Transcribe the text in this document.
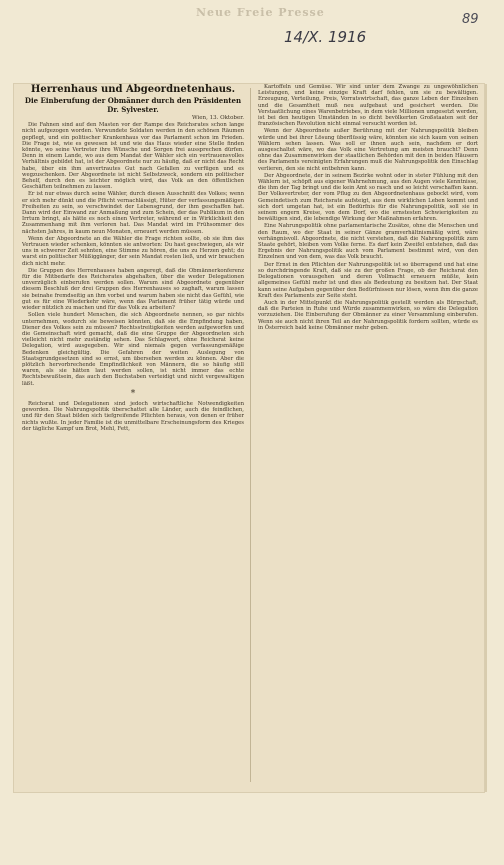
Neue Freie Presse
14/X. 1916
89

Herrenhaus und Abgeordnetenhaus.

Die Einberufung der Obmänner durch den Präsidenten Dr. Sylvester.

Wien, 13. Oktober.

Die Fahnen sind auf den Masten vor der Rampe des Reichsrates schon lange nicht aufgezogen worden. Verwundete Soldaten werden in den schönen Räumen gepflegt, und ein politischer Krankenhaus vor das Parlament schon im Frieden. Die Frage ist, wie es gewesen ist und wie das Haus wieder eine Stelle finden könnte, wo seine Vertreter ihre Wünsche und Sorgen frei aussprechen dürfen. Denn in einem Lande, wo aus dem Mandat der Wähler sich ein vertrauensvolles Verhältnis gebildet hat, ist der Abgeordnete nur zu häufig, daß er nicht das Recht habe, über ein ihm anvertrautes Gut nach Gefallen zu verfügen und es wegzuschenken. Der Abgeordnete ist nicht Selbstzweck, sondern ein politischer Behelf, durch den es leichter möglich wird, das Volk an den öffentlichen Geschäften teilnehmen zu lassen.

Er ist nur etwas durch seine Wähler, durch diesen Ausschnitt des Volkes; wenn er sich mehr dünkt und die Pflicht vernachlässigt, Hüter der verfassungsmäßigen Freiheiten zu sein, so verschwindet der Lebensgrund, der ihm geschaffen hat. Dann wird der Einwand zur Anmaßung und zum Schein, der das Publikum in den Irrtum bringt, als hätte es noch einen Vertreter, während er in Wirklichkeit den Zusammenhang mit ihm verloren hat. Das Mandat wird im Frühsommer des nächsten Jahres, in kaum neun Monaten, erneuert werden müssen.

Wenn der Abgeordnete an die Wähler die Frage richten sollte, ob sie ihm das Vertrauen wieder schenken, könnten sie antworten: Du hast geschwiegen, als wir uns in schwerer Zeit sehnten, eine Stimme zu hören, die uns zu Herzen geht; du warst ein politischer Müßiggänger, der sein Mandat rosten ließ, und wir brauchen dich nicht mehr.

Die Gruppen des Herrenhauses haben angeregt, daß die Obmännerkonferenz für die Mitbedarfe des Reichsrates abgehalten, über die weder Delegationen unverzüglich einberufen werden sollen. Warum sind Abgeordnete gegenüber diesem Beschluß der drei Gruppen des Herrenhauses so zaghaft, warum lassen sie beinahe fremdseitig an ihm vorbei und warum haben sie nicht das Gefühl, wie gut es für eine Wiederkehr wäre, wenn das Parlament früher tätig würde und wieder nützlich zu machen und für das Volk zu arbeiten?

Sollen viele hundert Menschen, die sich Abgeordnete nennen, so gar nichts unternehmen, wodurch sie beweisen könnten, daß sie die Empfindung haben, Diener des Volkes sein zu müssen? Rechtsstreitigkeiten werden aufgeworfen und die Gemeinschaft wird gemacht, daß die eine Gruppe der Abgeordneten sich vielleicht nicht mehr zuständig sehen. Das Schlagwort, ohne Reichsrat keine Delegation, wird ausgegeben. Wir sind niemals gegen verfassungsmäßige Bedenken gleichgültig. Die Gefahren der weiten Auslegung von Staatsgrundgesetzen sind so ernst, um übersehen werden zu können. Aber die plötzlich hervorbrechende Empfindlichkeit von Männern, die so häufig still waren, als sie hätten laut werden sollen, ist nicht immer das echte Rechtsbewußtsein, das auch den Buchstaben verteidigt und nicht vergewaltigen läßt.

*

Reichsrat und Delegationen sind jedoch wirtschaftliche Notwendigkeiten geworden. Die Nahrungspolitik überschattet alle Länder, auch die feindlichen, und für den Staat bilden sich tiefgreifende Pflichten heraus, von denen er früher nichts wußte. In jeder Familie ist die unmittelbare Erscheinungsform des Krieges der tägliche Kampf um Brot, Mehl, Fett,

Kartoffeln und Gemüse. Wir sind unter dem Zwange zu ungewöhnlichen Leistungen, und keine einzige Kraft darf fehlen, um sie zu bewältigen. Erzeugung, Verteilung, Preis, Vorratswirtschaft, das ganze Leben der Einzelnen und die Gesamtheit muß neu aufgebaut und gesichert werden. Die Verstaatlichung eines Warenbetriebes, in dem viele Millionen umgesetzt werden, ist bei den heutigen Umständen in so dicht bevölkerten Großstaaten seit der französischen Revolution nicht einmal versucht worden ist.

Wenn der Abgeordnete außer Berührung mit der Nahrungspolitik bleiben würde und bei ihrer Lösung überflüssig wäre, könnten sie sich kaum von seinen Wählern sehen lassen. Was soll er ihnen auch sein, nachdem er dort ausgeschaltet wäre, wo das Volk eine Vertretung am meisten braucht? Denn ohne das Zusammenwirken der staatlichen Behörden mit den in beiden Häusern des Parlaments vereinigten Erfahrungen muß die Nahrungspolitik den Einschlag verlieren, den sie nicht entbehren kann.

Der Abgeordnete, der in seinem Bezirke wohnt oder in steter Fühlung mit den Wählern ist, schöpft aus eigener Wahrnehmung, aus den Augen viele Kenntnisse, die ihm der Tag bringt und die kein Amt so rasch und so leicht verschaffen kann. Der Volksvertreter, der vom Pflug zu den Abgeordnetenhaus gebockt wird, vom Gemeindetisch zum Reichsrate aufsteigt, aus dem wirklichen Leben kommt und sich dort umgetan hat, ist ein Bedürfnis für die Nahrungspolitik, soll sie in seinem engern Kreise, von dem Dorf, wo die ernstesten Schwierigkeiten zu bewältigen sind, die lebendige Wirkung der Maßnahmen erfahren.

Eine Nahrungspolitik ohne parlamentarische Zusätze, ohne die Menschen und den Raum, wo der Staat in seiner Gänze gramverhältnismäßig wird, wäre verhängnisvoll. Abgeordnete, die nicht verstehen, daß die Nahrungspolitik zum Staate gehört, bleiben vom Volke ferne. Es darf kein Zweifel entstehen, daß das Ergebnis der Nahrungspolitik auch vom Parlament bestimmt wird, von den Einzelnen und von dem, was das Volk braucht.

Der Ernst in den Pflichten der Nahrungspolitik ist so überragend und hat eine so durchdringende Kraft, daß sie zu der großen Frage, ob der Reichsrat den Delegationen vorausgehen und deren Vollmacht erneuern müßte, kein allgemeines Gefühl mehr ist und dies als Bedeutung zu besitzen hat. Der Staat kann seine Aufgaben gegenüber den Bedürfnissen nur lösen, wenn ihm die ganze Kraft des Parlaments zur Seite steht.

Auch in der Mittelpunkt die Nahrungspolitik gestellt werden als Bürgschaft, daß die Parteien in Ruhe und Würde zusammenwirken, so wäre die Delegation vorzuziehen. Die Einberufung der Obmänner zu einer Versammlung einberufen. Wenn sie auch nicht ihren Teil an der Nahrungspolitik fordern sollten, würde es in Österreich bald keine Obmänner mehr geben.
